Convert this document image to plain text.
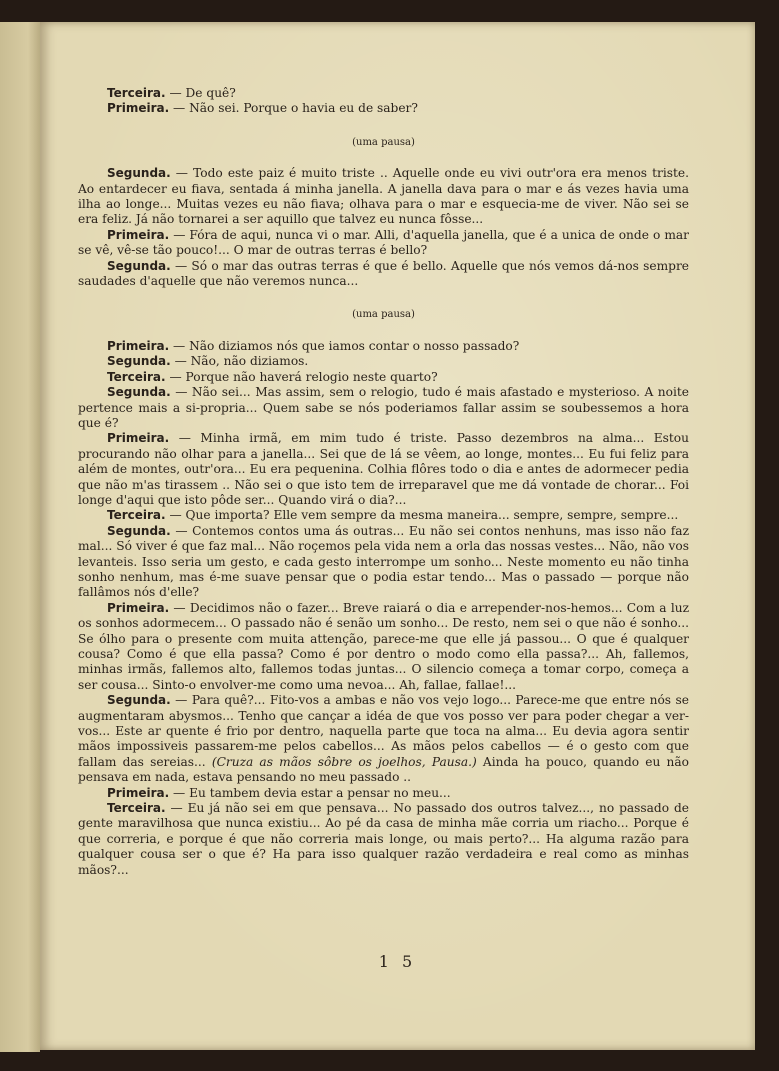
Terceira. — De quê?

Primeira. — Não sei. Porque o havia eu de saber?

(uma pausa)

Segunda. — Todo este paiz é muito triste .. Aquelle onde eu vivi outr'ora era menos triste. Ao entardecer eu fiava, sentada á minha janella. A janella dava para o mar e ás vezes havia uma ilha ao longe... Muitas vezes eu não fiava; olhava para o mar e esquecia-me de viver. Não sei se era feliz. Já não tornarei a ser aquillo que talvez eu nunca fôsse...

Primeira. — Fóra de aqui, nunca vi o mar. Alli, d'aquella janella, que é a unica de onde o mar se vê, vê-se tão pouco!... O mar de outras terras é bello?

Segunda. — Só o mar das outras terras é que é bello. Aquelle que nós vemos dá-nos sempre saudades d'aquelle que não veremos nunca...

(uma pausa)

Primeira. — Não diziamos nós que iamos contar o nosso passado?

Segunda. — Não, não diziamos.

Terceira. — Porque não haverá relogio neste quarto?

Segunda. — Não sei... Mas assim, sem o relogio, tudo é mais afastado e mysterioso. A noite pertence mais a si-propria... Quem sabe se nós poderiamos fallar assim se soubessemos a hora que é?

Primeira. — Minha irmã, em mim tudo é triste. Passo dezembros na alma... Estou procurando não olhar para a janella... Sei que de lá se vêem, ao longe, montes... Eu fui feliz para além de montes, outr'ora... Eu era pequenina. Colhia flôres todo o dia e antes de adormecer pedia que não m'as tirassem .. Não sei o que isto tem de irreparavel que me dá vontade de chorar... Foi longe d'aqui que isto pôde ser... Quando virá o dia?...

Terceira. — Que importa? Elle vem sempre da mesma maneira... sempre, sempre, sempre...

Segunda. — Contemos contos uma ás outras... Eu não sei contos nenhuns, mas isso não faz mal... Só viver é que faz mal... Não roçemos pela vida nem a orla das nossas vestes... Não, não vos levanteis. Isso seria um gesto, e cada gesto interrompe um sonho... Neste momento eu não tinha sonho nenhum, mas é-me suave pensar que o podia estar tendo... Mas o passado — porque não fallâmos nós d'elle?

Primeira. — Decidimos não o fazer... Breve raiará o dia e arrepender-nos-hemos... Com a luz os sonhos adormecem... O passado não é senão um sonho... De resto, nem sei o que não é sonho... Se ólho para o presente com muita attenção, parece-me que elle já passou... O que é qualquer cousa? Como é que ella passa? Como é por dentro o modo como ella passa?... Ah, fallemos, minhas irmãs, fallemos alto, fallemos todas juntas... O silencio começa a tomar corpo, começa a ser cousa... Sinto-o envolver-me como uma nevoa... Ah, fallae, fallae!...

Segunda. — Para quê?... Fito-vos a ambas e não vos vejo logo... Parece-me que entre nós se augmentaram abysmos... Tenho que cançar a idéa de que vos posso ver para poder chegar a ver-vos... Este ar quente é frio por dentro, naquella parte que toca na alma... Eu devia agora sentir mãos impossiveis passarem-me pelos cabellos... As mãos pelos cabellos — é o gesto com que fallam das sereias... (Cruza as mãos sôbre os joelhos, Pausa.) Ainda ha pouco, quando eu não pensava em nada, estava pensando no meu passado ..

Primeira. — Eu tambem devia estar a pensar no meu...

Terceira. — Eu já não sei em que pensava... No passado dos outros talvez..., no passado de gente maravilhosa que nunca existiu... Ao pé da casa de minha mãe corria um riacho... Porque é que correria, e porque é que não correria mais longe, ou mais perto?... Ha alguma razão para qualquer cousa ser o que é? Ha para isso qualquer razão verdadeira e real como as minhas mãos?...

1 5
